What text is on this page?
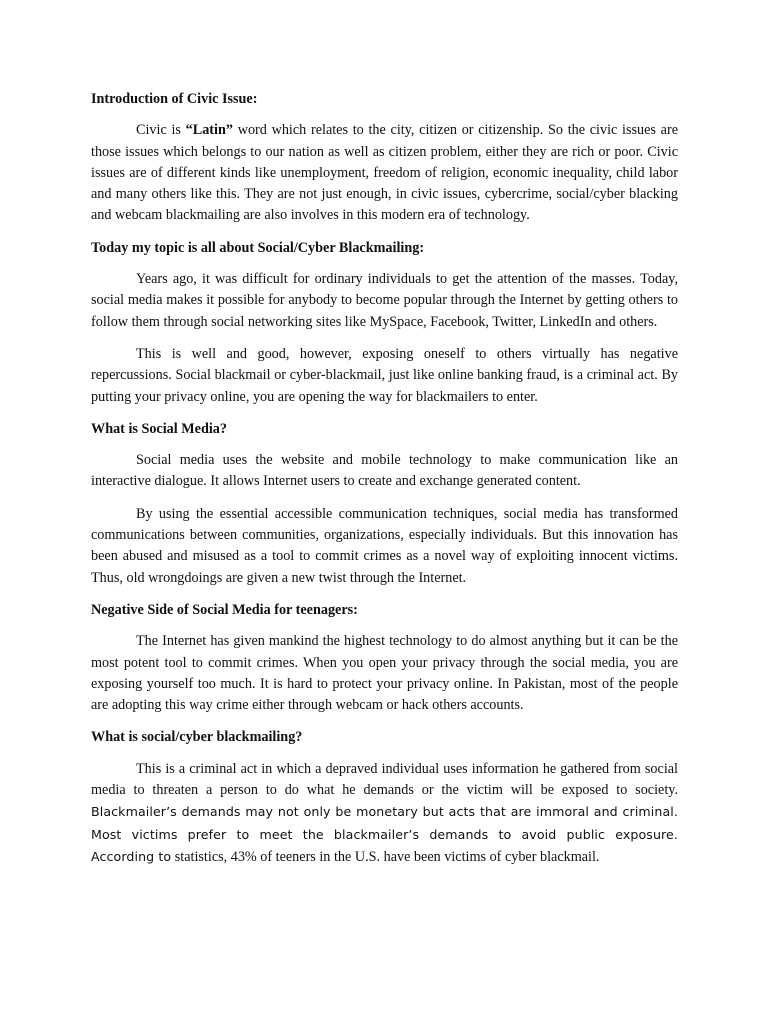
Introduction of Civic Issue:

Civic is “Latin” word which relates to the city, citizen or citizenship. So the civic issues are those issues which belongs to our nation as well as citizen problem, either they are rich or poor. Civic issues are of different kinds like unemployment, freedom of religion, economic inequality, child labor and many others like this. They are not just enough, in civic issues, cybercrime, social/cyber blacking and webcam blackmailing are also involves in this modern era of technology.

Today my topic is all about Social/Cyber Blackmailing:

Years ago, it was difficult for ordinary individuals to get the attention of the masses. Today, social media makes it possible for anybody to become popular through the Internet by getting others to follow them through social networking sites like MySpace, Facebook, Twitter, LinkedIn and others.

This is well and good, however, exposing oneself to others virtually has negative repercussions. Social blackmail or cyber-blackmail, just like online banking fraud, is a criminal act. By putting your privacy online, you are opening the way for blackmailers to enter.

What is Social Media?

Social media uses the website and mobile technology to make communication like an interactive dialogue. It allows Internet users to create and exchange generated content.

By using the essential accessible communication techniques, social media has transformed communications between communities, organizations, especially individuals. But this innovation has been abused and misused as a tool to commit crimes as a novel way of exploiting innocent victims. Thus, old wrongdoings are given a new twist through the Internet.

Negative Side of Social Media for teenagers:

The Internet has given mankind the highest technology to do almost anything but it can be the most potent tool to commit crimes. When you open your privacy through the social media, you are exposing yourself too much. It is hard to protect your privacy online. In Pakistan, most of the people are adopting this way crime either through webcam or hack others accounts.

What is social/cyber blackmailing?

This is a criminal act in which a depraved individual uses information he gathered from social media to threaten a person to do what he demands or the victim will be exposed to society. Blackmailer’s demands may not only be monetary but acts that are immoral and criminal. Most victims prefer to meet the blackmailer’s demands to avoid public exposure. According to statistics, 43% of teeners in the U.S. have been victims of cyber blackmail.
